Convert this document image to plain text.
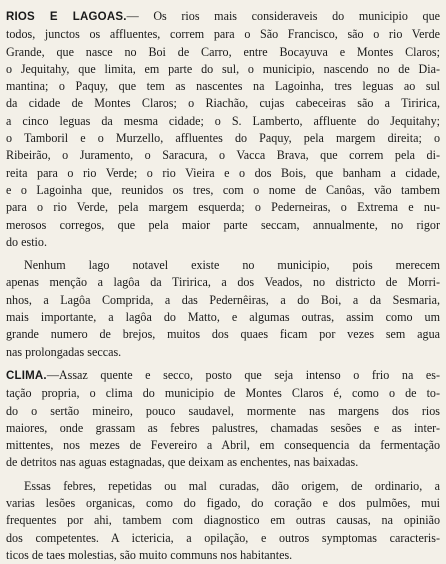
RIOS E LAGOAS.— Os rios mais consideraveis do municipio que
todos, junctos os affluentes, correm para o São Francisco, são o rio Verde
Grande, que nasce no Boi de Carro, entre Bocayuva e Montes Claros;
o Jequitahy, que limita, em parte do sul, o municipio, nascendo no de Dia-
mantina; o Paquy, que tem as nascentes na Lagoinha, tres leguas ao sul
da cidade de Montes Claros; o Riachão, cujas cabeceiras são a Tiririca,
a cinco leguas da mesma cidade; o S. Lamberto, affluente do Jequitahy;
o Tamboril e o Murzello, affluentes do Paquy, pela margem direita; o
Ribeirão, o Juramento, o Saracura, o Vacca Brava, que correm pela di-
reita para o rio Verde; o rio Vieira e o dos Bois, que banham a cidade,
e o Lagoinha que, reunidos os tres, com o nome de Canôas, vão tambem
para o rio Verde, pela margem esquerda; o Pederneiras, o Extrema e nu-
merosos corregos, que pela maior parte seccam, annualmente, no rigor
do estio.

Nenhum lago notavel existe no municipio, pois merecem
apenas menção a lagôa da Tiririca, a dos Veados, no districto de Morri-
nhos, a Lagôa Comprida, a das Pedernêiras, a do Boi, a da Sesmaria,
mais importante, a lagôa do Matto, e algumas outras, assim como um
grande numero de brejos, muitos dos quaes ficam por vezes sem agua
nas prolongadas seccas.

CLIMA.—Assaz quente e secco, posto que seja intenso o frio na es-
tação propria, o clima do municipio de Montes Claros é, como o de to-
do o sertão mineiro, pouco saudavel, mormente nas margens dos rios
maiores, onde grassam as febres palustres, chamadas sesões e as inter-
mittentes, nos mezes de Fevereiro a Abril, em consequencia da fermentação
de detritos nas aguas estagnadas, que deixam as enchentes, nas baixadas.

Essas febres, repetidas ou mal curadas, dão origem, de ordinario, a
varias lesões organicas, como do figado, do coração e dos pulmões, mui
frequentes por ahi, tambem com diagnostico em outras causas, na opinião
dos competentes. A ictericia, a opilação, e outros symptomas caracteris-
ticos de taes molestias, são muito communs nos habitantes.
